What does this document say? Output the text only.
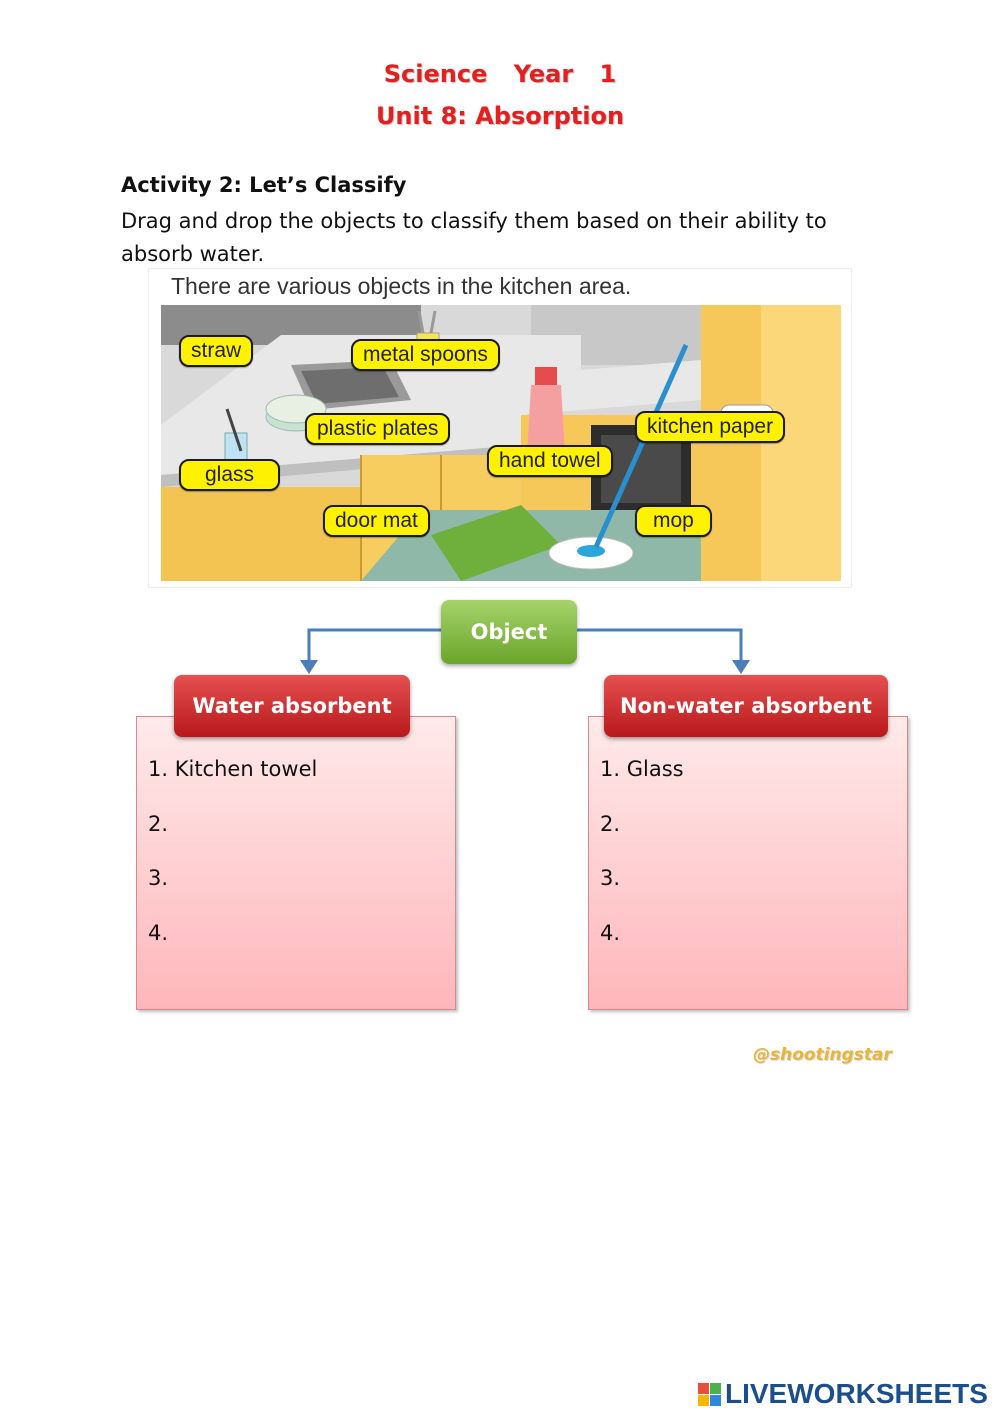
Science Year 1
Unit 8: Absorption
Activity 2: Let’s Classify
Drag and drop the objects to classify them based on their ability to absorb water.
There are various objects in the kitchen area.
straw	metal spoons
plastic plates	kitchen paper
glass
hand towel
door mat	mop
Object
Water absorbent
1. Kitchen towel
2.
3.
4.
Non-water absorbent
1. Glass
2.
3.
4.
@shootingstar
LIVEWORKSHEETS
